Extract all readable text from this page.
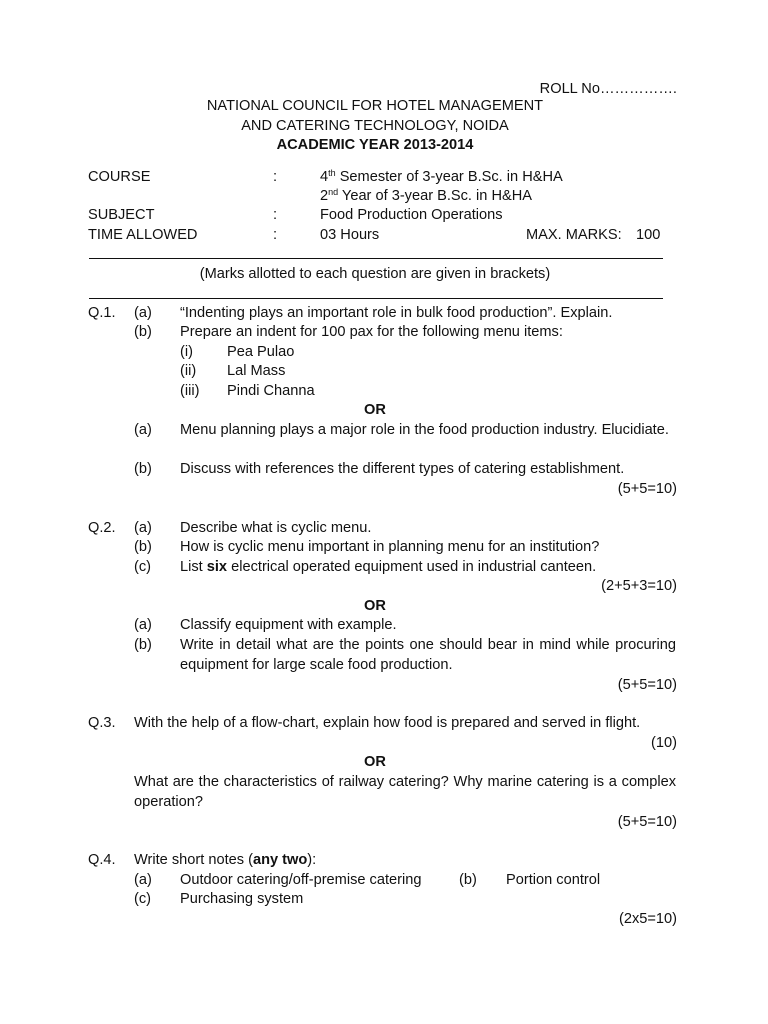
ROLL No…………….
NATIONAL COUNCIL FOR HOTEL MANAGEMENT
AND CATERING TECHNOLOGY, NOIDA
ACADEMIC YEAR 2013-2014
COURSE	:	4th Semester of 3-year B.Sc. in H&HA
2nd Year of 3-year B.Sc. in H&HA
SUBJECT	:	Food Production Operations
TIME ALLOWED	:	03 Hours	MAX. MARKS: 100
(Marks allotted to each question are given in brackets)
Q.1. (a) “Indenting plays an important role in bulk food production”. Explain.
(b) Prepare an indent for 100 pax for the following menu items:
(i) Pea Pulao
(ii) Lal Mass
(iii) Pindi Channa
OR
(a) Menu planning plays a major role in the food production industry. Elucidiate.
(b) Discuss with references the different types of catering establishment.
(5+5=10)
Q.2. (a) Describe what is cyclic menu.
(b) How is cyclic menu important in planning menu for an institution?
(c) List six electrical operated equipment used in industrial canteen.
(2+5+3=10)
OR
(a) Classify equipment with example.
(b) Write in detail what are the points one should bear in mind while procuring equipment for large scale food production.
(5+5=10)
Q.3. With the help of a flow-chart, explain how food is prepared and served in flight.
(10)
OR
What are the characteristics of railway catering? Why marine catering is a complex operation?
(5+5=10)
Q.4. Write short notes (any two):
(a) Outdoor catering/off-premise catering	(b) Portion control
(c) Purchasing system
(2x5=10)
